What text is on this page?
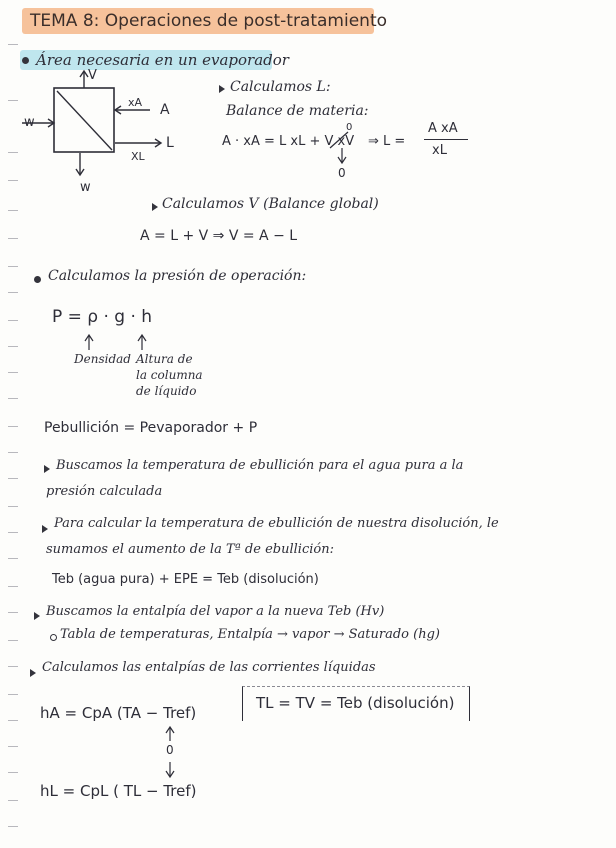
TEMA 8: Operaciones de post-tratamiento
Área necesaria en un evaporador
V
xA A
w
L
XL
w
Calculamos L:
Balance de materia:
A · xA = L xL + V xV
0
0
⇒ L =
A xA
xL
Calculamos V (Balance global)
A = L + V ⇒ V = A − L
Calculamos la presión de operación:
P = ρ · g · h
Densidad Altura de
la columna
de líquido
Pebullición = Pevaporador + P
Buscamos la temperatura de ebullición para el agua pura a la
presión calculada
Para calcular la temperatura de ebullición de nuestra disolución, le
sumamos el aumento de la Tª de ebullición:
Teb (agua pura) + EPE = Teb (disolución)
Buscamos la entalpía del vapor a la nueva Teb (Hv)
Tabla de temperaturas, Entalpía → vapor → Saturado (hg)
Calculamos las entalpías de las corrientes líquidas
hA = CpA (TA − Tref)
0
hL = CpL ( TL − Tref)
TL = TV = Teb (disolución)
